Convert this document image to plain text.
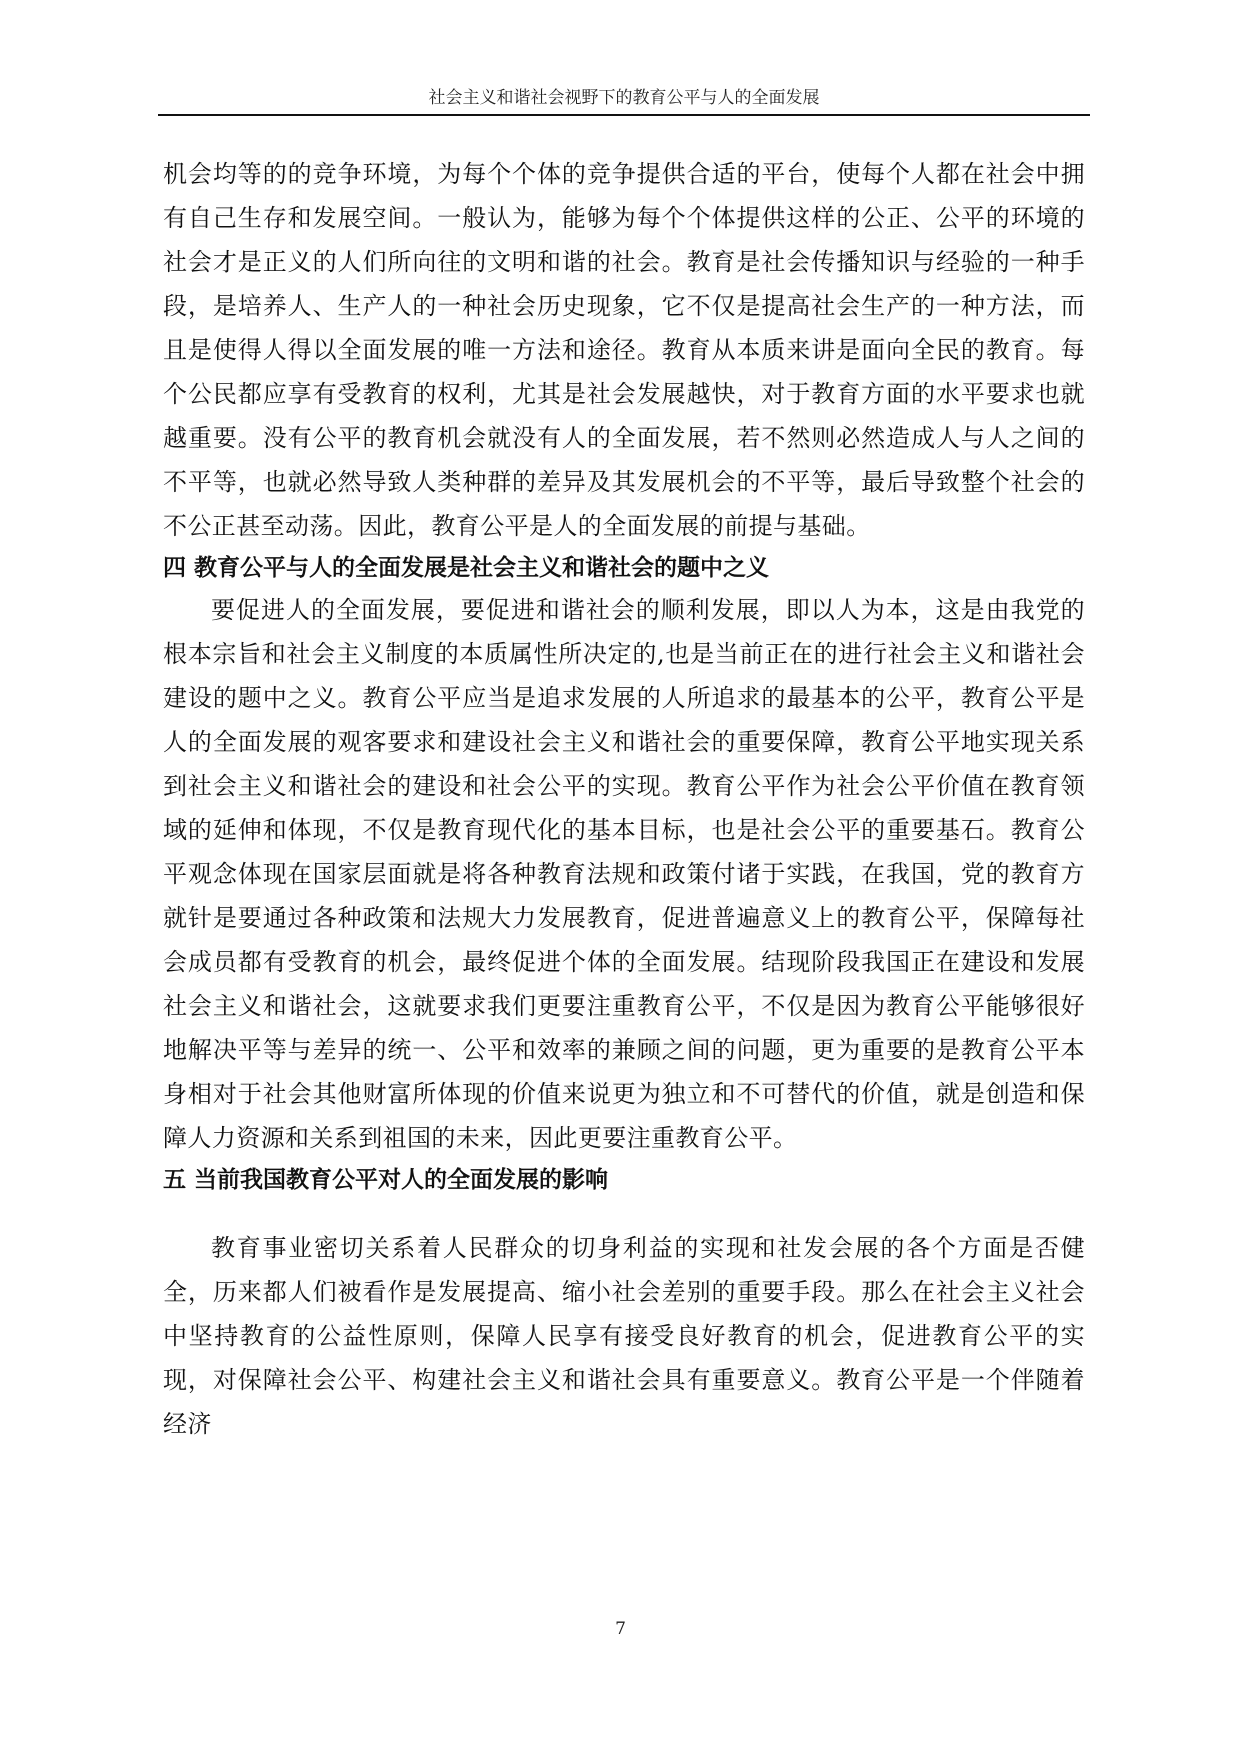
社会主义和谐社会视野下的教育公平与人的全面发展

机会均等的的竞争环境，为每个个体的竞争提供合适的平台，使每个人都在社会中拥有自己生存和发展空间。一般认为，能够为每个个体提供这样的公正、公平的环境的社会才是正义的人们所向往的文明和谐的社会。教育是社会传播知识与经验的一种手段，是培养人、生产人的一种社会历史现象，它不仅是提高社会生产的一种方法，而且是使得人得以全面发展的唯一方法和途径。教育从本质来讲是面向全民的教育。每个公民都应享有受教育的权利，尤其是社会发展越快，对于教育方面的水平要求也就越重要。没有公平的教育机会就没有人的全面发展，若不然则必然造成人与人之间的不平等，也就必然导致人类种群的差异及其发展机会的不平等，最后导致整个社会的不公正甚至动荡。因此，教育公平是人的全面发展的前提与基础。

四 教育公平与人的全面发展是社会主义和谐社会的题中之义

要促进人的全面发展，要促进和谐社会的顺利发展，即以人为本，这是由我党的根本宗旨和社会主义制度的本质属性所决定的,也是当前正在的进行社会主义和谐社会建设的题中之义。教育公平应当是追求发展的人所追求的最基本的公平，教育公平是人的全面发展的观客要求和建设社会主义和谐社会的重要保障，教育公平地实现关系到社会主义和谐社会的建设和社会公平的实现。教育公平作为社会公平价值在教育领域的延伸和体现，不仅是教育现代化的基本目标，也是社会公平的重要基石。教育公平观念体现在国家层面就是将各种教育法规和政策付诸于实践，在我国，党的教育方就针是要通过各种政策和法规大力发展教育，促进普遍意义上的教育公平，保障每社会成员都有受教育的机会，最终促进个体的全面发展。结现阶段我国正在建设和发展社会主义和谐社会，这就要求我们更要注重教育公平，不仅是因为教育公平能够很好地解决平等与差异的统一、公平和效率的兼顾之间的问题，更为重要的是教育公平本身相对于社会其他财富所体现的价值来说更为独立和不可替代的价值，就是创造和保障人力资源和关系到祖国的未来，因此更要注重教育公平。

五 当前我国教育公平对人的全面发展的影响

教育事业密切关系着人民群众的切身利益的实现和社发会展的各个方面是否健全，历来都人们被看作是发展提高、缩小社会差别的重要手段。那么在社会主义社会中坚持教育的公益性原则，保障人民享有接受良好教育的机会，促进教育公平的实现，对保障社会公平、构建社会主义和谐社会具有重要意义。教育公平是一个伴随着经济

7
